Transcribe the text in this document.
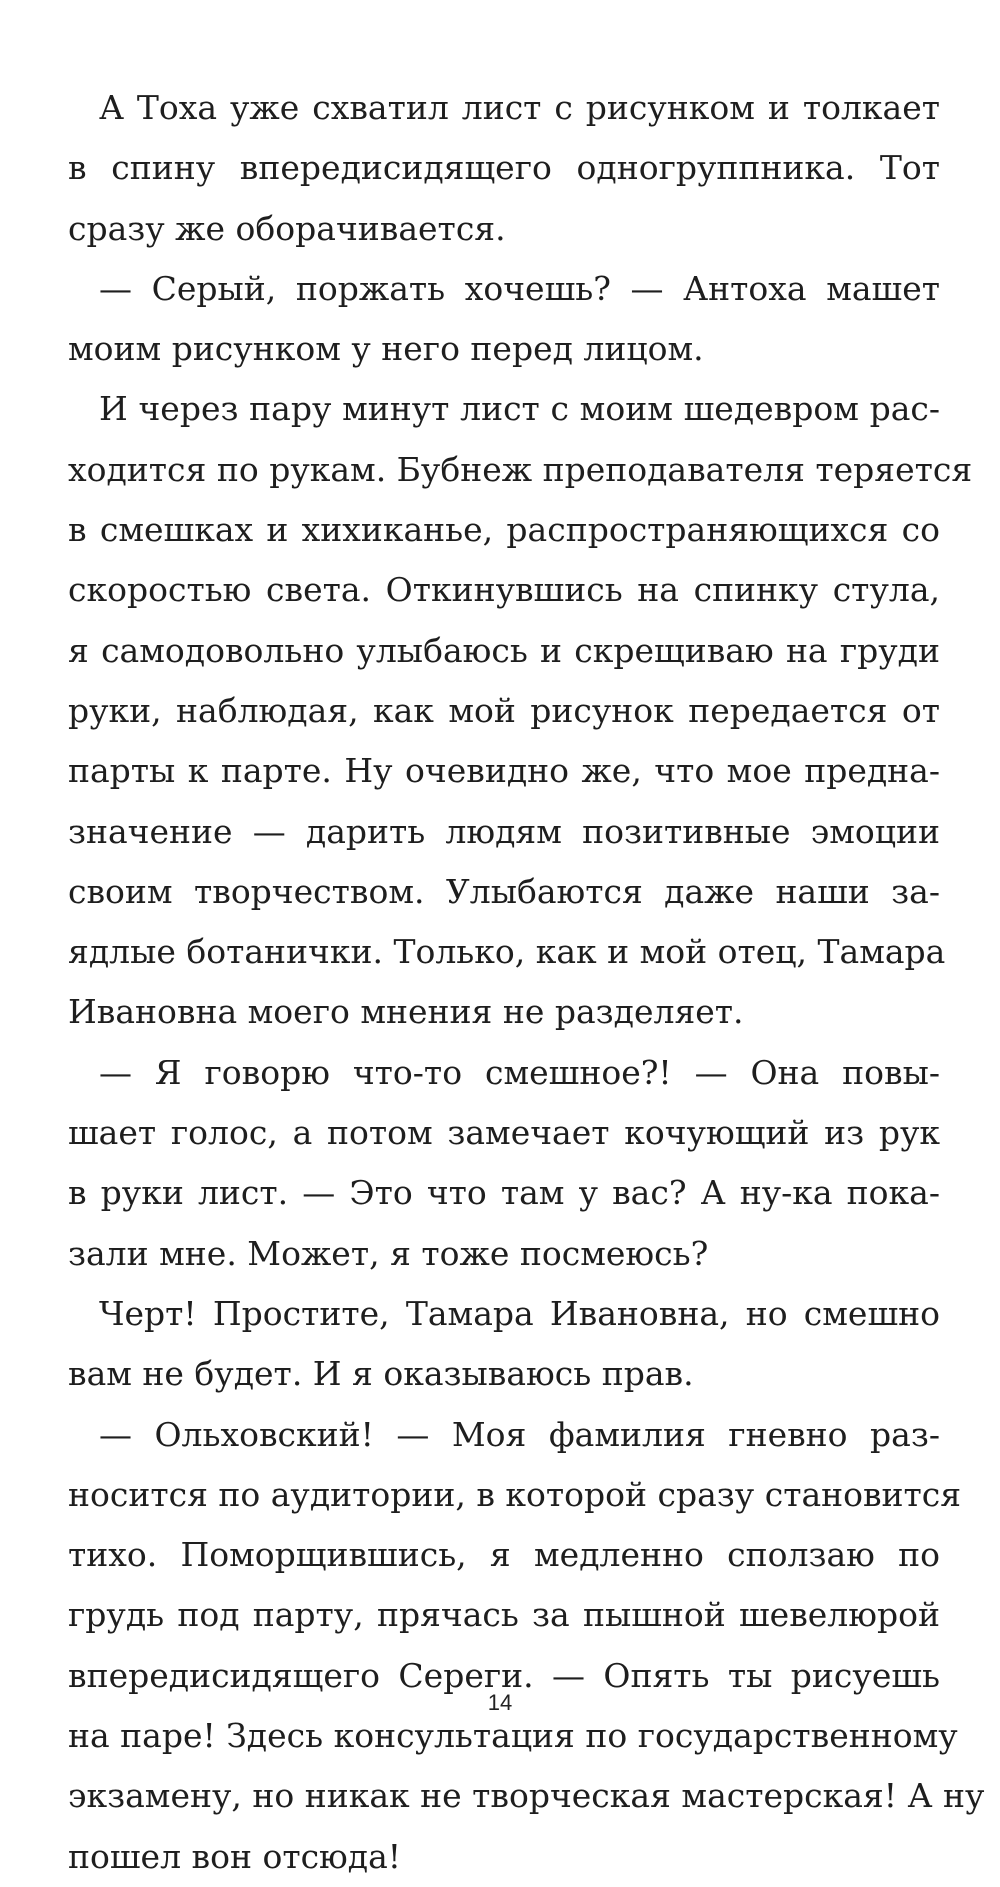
А Тоха уже схватил лист с рисунком и толкает
в спину впередисидящего одногруппника. Тот
сразу же оборачивается.
— Серый, поржать хочешь? — Антоха машет
моим рисунком у него перед лицом.
И через пару минут лист с моим шедевром рас-
ходится по рукам. Бубнеж преподавателя теряется
в смешках и хихиканье, распространяющихся со
скоростью света. Откинувшись на спинку стула,
я самодовольно улыбаюсь и скрещиваю на груди
руки, наблюдая, как мой рисунок передается от
парты к парте. Ну очевидно же, что мое предна-
значение — дарить людям позитивные эмоции
своим творчеством. Улыбаются даже наши за-
ядлые ботанички. Только, как и мой отец, Тамара
Ивановна моего мнения не разделяет.
— Я говорю что-то смешное?! — Она повы-
шает голос, а потом замечает кочующий из рук
в руки лист. — Это что там у вас? А ну-ка пока-
зали мне. Может, я тоже посмеюсь?
Черт! Простите, Тамара Ивановна, но смешно
вам не будет. И я оказываюсь прав.
— Ольховский! — Моя фамилия гневно раз-
носится по аудитории, в которой сразу становится
тихо. Поморщившись, я медленно сползаю по
грудь под парту, прячась за пышной шевелюрой
впередисидящего Сереги. — Опять ты рисуешь
на паре! Здесь консультация по государственному
экзамену, но никак не творческая мастерская! А ну
пошел вон отсюда!
14
